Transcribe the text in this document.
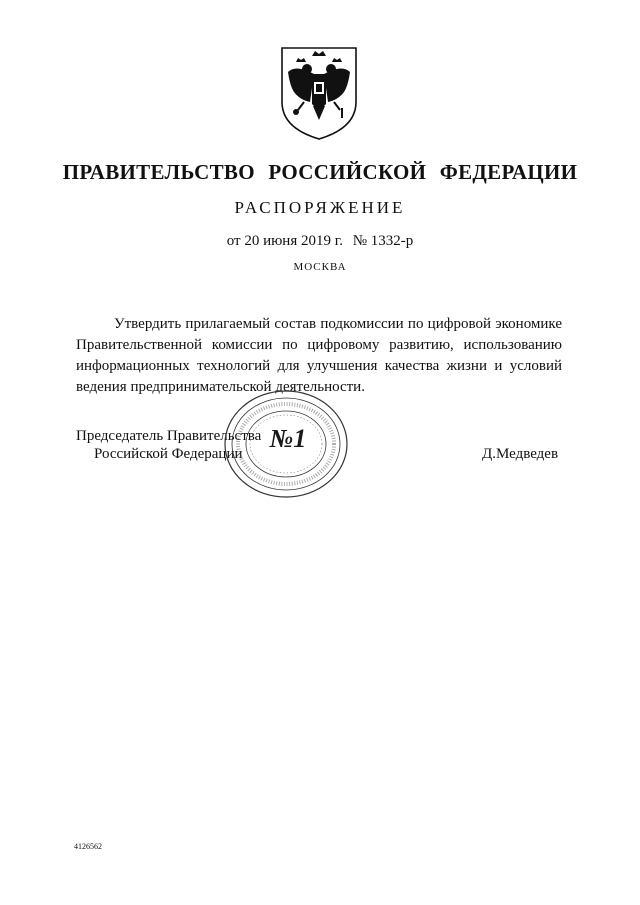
ПРАВИТЕЛЬСТВО РОССИЙСКОЙ ФЕДЕРАЦИИ
РАСПОРЯЖЕНИЕ
от 20 июня 2019 г. № 1332-р
МОСКВА
Утвердить прилагаемый состав подкомиссии по цифровой экономике Правительственной комиссии по цифровому развитию, использованию информационных технологий для улучшения качества жизни и условий ведения предпринимательской деятельности.
Председатель Правительства
Российской Федерации	Д.Медведев
№1
4126562
